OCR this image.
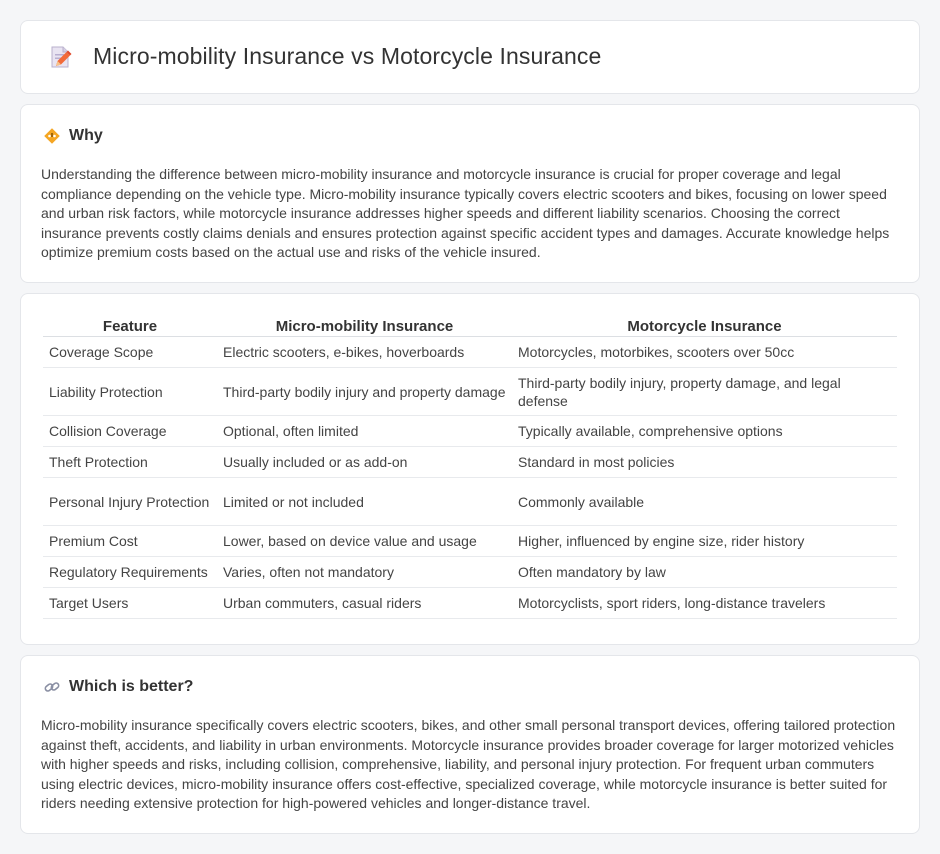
Micro-mobility Insurance vs Motorcycle Insurance
Why

Understanding the difference between micro-mobility insurance and motorcycle insurance is crucial for proper coverage and legal compliance depending on the vehicle type. Micro-mobility insurance typically covers electric scooters and bikes, focusing on lower speed and urban risk factors, while motorcycle insurance addresses higher speeds and different liability scenarios. Choosing the correct insurance prevents costly claims denials and ensures protection against specific accident types and damages. Accurate knowledge helps optimize premium costs based on the actual use and risks of the vehicle insured.

Feature	Micro-mobility Insurance	Motorcycle Insurance
Coverage Scope	Electric scooters, e-bikes, hoverboards	Motorcycles, motorbikes, scooters over 50cc
Liability Protection	Third-party bodily injury and property damage	Third-party bodily injury, property damage, and legal defense
Collision Coverage	Optional, often limited	Typically available, comprehensive options
Theft Protection	Usually included or as add-on	Standard in most policies
Personal Injury Protection	Limited or not included	Commonly available
Premium Cost	Lower, based on device value and usage	Higher, influenced by engine size, rider history
Regulatory Requirements	Varies, often not mandatory	Often mandatory by law
Target Users	Urban commuters, casual riders	Motorcyclists, sport riders, long-distance travelers
Which is better?

Micro-mobility insurance specifically covers electric scooters, bikes, and other small personal transport devices, offering tailored protection against theft, accidents, and liability in urban environments. Motorcycle insurance provides broader coverage for larger motorized vehicles with higher speeds and risks, including collision, comprehensive, liability, and personal injury protection. For frequent urban commuters using electric devices, micro-mobility insurance offers cost-effective, specialized coverage, while motorcycle insurance is better suited for riders needing extensive protection for high-powered vehicles and longer-distance travel.
